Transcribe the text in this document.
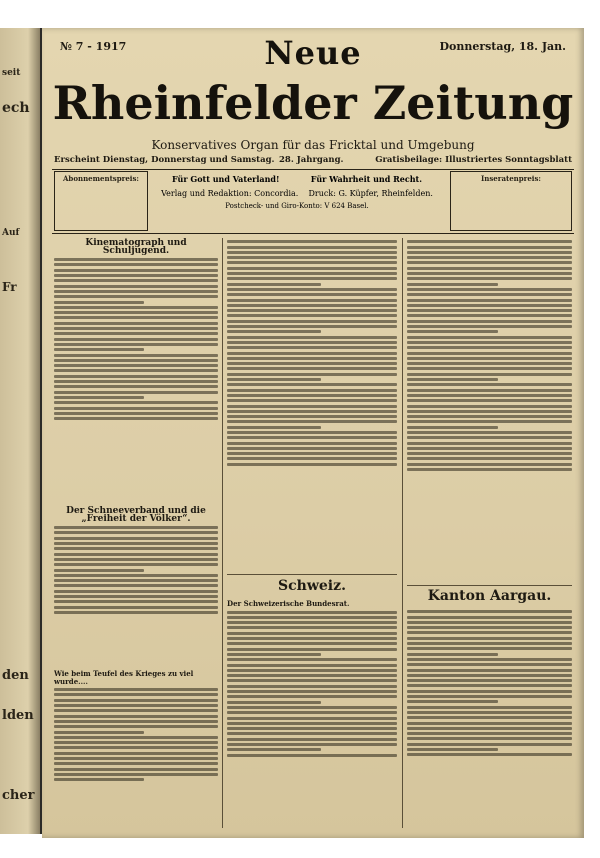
seit
ech
Auf
Fr
den
lden
cher
№ 7 - 1917	Donnerstag, 18. Jan.
Neue
Rheinfelder Zeitung
Konservatives Organ für das Fricktal und Umgebung
Erscheint Dienstag, Donnerstag und Samstag. 28. Jahrgang.	Gratisbeilage: Illustriertes Sonntagsblatt
Abonnementspreis:	Für Gott und Vaterland!	Für Wahrheit und Recht.
Verlag und Redaktion: Concordia. Druck: G. Küpfer, Rheinfelden.
Postcheck- und Giro-Konto: V 624 Basel.
Inseratenpreis:
Kinematograph und Schuljugend.
Der Schneeverband und die „Freiheit der Völker“.
Wie beim Teufel des Krieges zu viel wurde....
Schweiz.
Der Schweizerische Bundesrat.	Kanton Aargau.
